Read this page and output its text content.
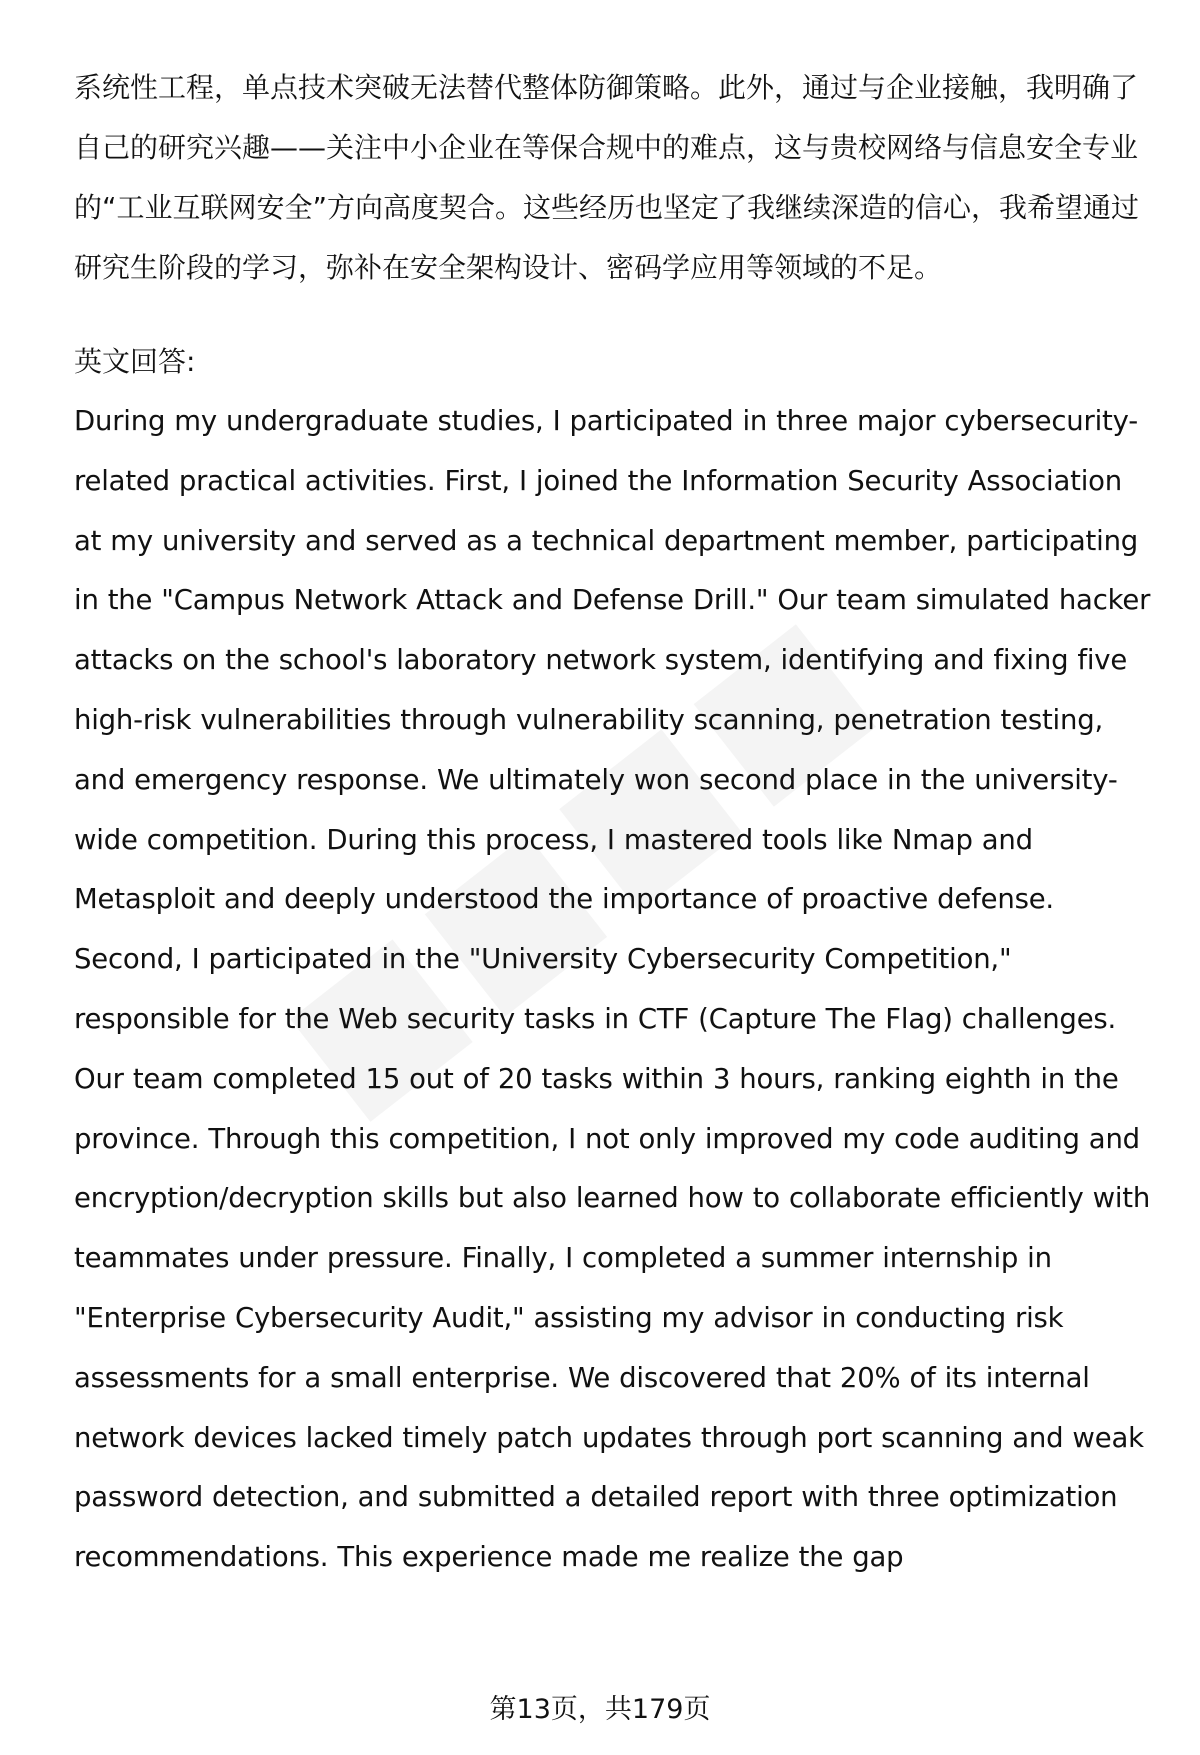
系统性工程，单点技术突破无法替代整体防御策略。此外，通过与企业接触，我明确了自己的研究兴趣——关注中小企业在等保合规中的难点，这与贵校网络与信息安全专业的“工业互联网安全”方向高度契合。这些经历也坚定了我继续深造的信心，我希望通过研究生阶段的学习，弥补在安全架构设计、密码学应用等领域的不足。

英文回答:

During my undergraduate studies, I participated in three major cybersecurity-related practical activities. First, I joined the Information Security Association at my university and served as a technical department member, participating in the "Campus Network Attack and Defense Drill." Our team simulated hacker attacks on the school's laboratory network system, identifying and fixing five high-risk vulnerabilities through vulnerability scanning, penetration testing, and emergency response. We ultimately won second place in the university-wide competition. During this process, I mastered tools like Nmap and Metasploit and deeply understood the importance of proactive defense. Second, I participated in the "University Cybersecurity Competition," responsible for the Web security tasks in CTF (Capture The Flag) challenges. Our team completed 15 out of 20 tasks within 3 hours, ranking eighth in the province. Through this competition, I not only improved my code auditing and encryption/decryption skills but also learned how to collaborate efficiently with teammates under pressure. Finally, I completed a summer internship in "Enterprise Cybersecurity Audit," assisting my advisor in conducting risk assessments for a small enterprise. We discovered that 20% of its internal network devices lacked timely patch updates through port scanning and weak password detection, and submitted a detailed report with three optimization recommendations. This experience made me realize the gap

第13页，共179页
